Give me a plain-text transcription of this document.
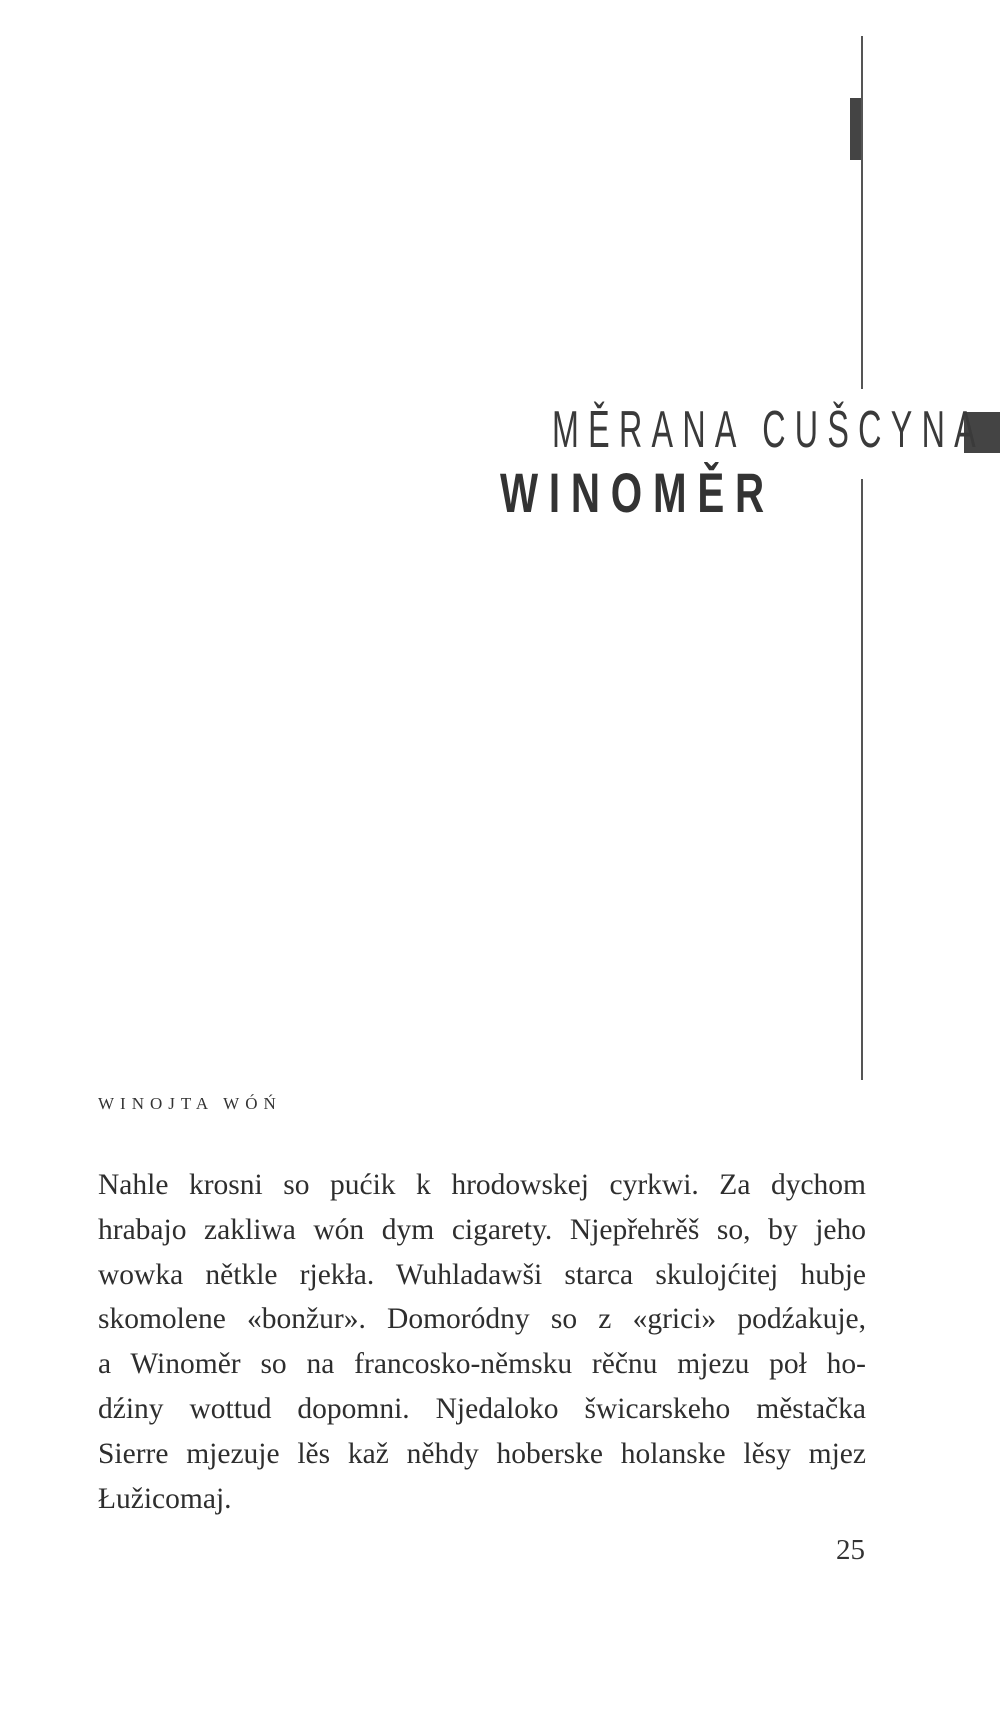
MĚRANA CUŠCYNA
WINOMĚR
WINOJTA WÓŃ
Nahle krosni so pućik k hrodowskej cyrkwi. Za dychom
hrabajo zakliwa wón dym cigarety. Njepřehrěš so, by jeho
wowka nětkle rjekła. Wuhladawši starca skulojćitej hubje
skomolene «bonžur». Domoródny so z «grici» podźakuje,
a Winoměr so na francosko-němsku rěčnu mjezu poł ho-
dźiny wottud dopomni. Njedaloko šwicarskeho městačka
Sierre mjezuje lěs kaž něhdy hoberske holanske lěsy mjez
Łužicomaj.
25
